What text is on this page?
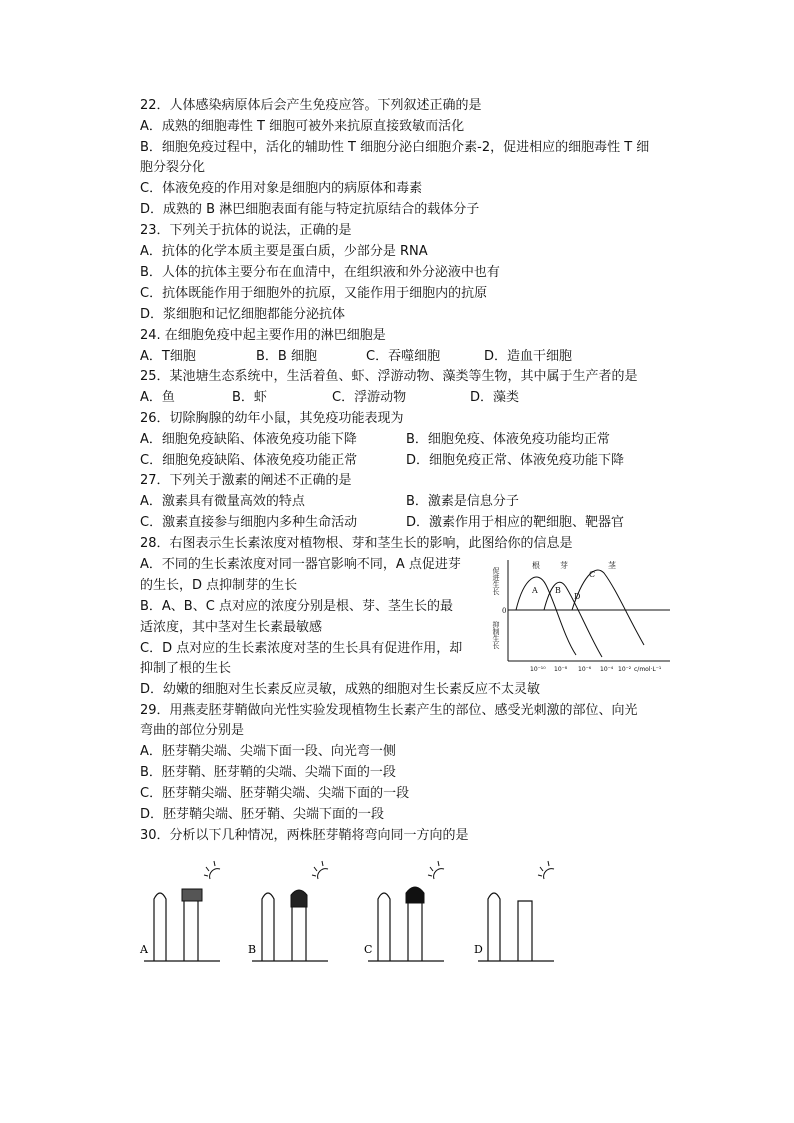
22．人体感染病原体后会产生免疫应答。下列叙述正确的是
A．成熟的细胞毒性 T 细胞可被外来抗原直接致敏而活化
B．细胞免疫过程中，活化的辅助性 T 细胞分泌白细胞介素-2，促进相应的细胞毒性 T 细
胞分裂分化
C．体液免疫的作用对象是细胞内的病原体和毒素
D．成熟的 B 淋巴细胞表面有能与特定抗原结合的载体分子
23．下列关于抗体的说法，正确的是
A．抗体的化学本质主要是蛋白质，少部分是 RNA
B．人体的抗体主要分布在血清中，在组织液和外分泌液中也有
C．抗体既能作用于细胞外的抗原，又能作用于细胞内的抗原
D．浆细胞和记忆细胞都能分泌抗体
24. 在细胞免疫中起主要作用的淋巴细胞是
A．T细胞	B．B 细胞	C．吞噬细胞	D．造血干细胞
25．某池塘生态系统中，生活着鱼、虾、浮游动物、藻类等生物，其中属于生产者的是
A．鱼	B．虾	C．浮游动物	D．藻类
26．切除胸腺的幼年小鼠，其免疫功能表现为
A．细胞免疫缺陷、体液免疫功能下降	B．细胞免疫、体液免疫功能均正常
C．细胞免疫缺陷、体液免疫功能正常	D．细胞免疫正常、体液免疫功能下降
27．下列关于激素的阐述不正确的是
A．激素具有微量高效的特点	B．激素是信息分子
C．激素直接参与细胞内多种生命活动	D．激素作用于相应的靶细胞、靶器官
28．右图表示生长素浓度对植物根、芽和茎生长的影响，此图给你的信息是
A．不同的生长素浓度对同一器官影响不同，A 点促进芽
的生长，D 点抑制芽的生长
B．A、B、C 点对应的浓度分别是根、芽、茎生长的最
适浓度，其中茎对生长素最敏感
C．D 点对应的生长素浓度对茎的生长具有促进作用，却
抑制了根的生长
D．幼嫩的细胞对生长素反应灵敏，成熟的细胞对生长素反应不太灵敏
促进生长
0
抑制生长
根	芽	茎
A B
C
D
10⁻¹⁰ 10⁻⁸ 10⁻⁶ 10⁻⁴ 10⁻² c/mol·L⁻¹
29．用燕麦胚芽鞘做向光性实验发现植物生长素产生的部位、感受光刺激的部位、向光
弯曲的部位分别是
A．胚芽鞘尖端、尖端下面一段、向光弯一侧
B．胚芽鞘、胚芽鞘的尖端、尖端下面的一段
C．胚芽鞘尖端、胚芽鞘尖端、尖端下面的一段
D．胚芽鞘尖端、胚牙鞘、尖端下面的一段
30．分析以下几种情况，两株胚芽鞘将弯向同一方向的是
A	B	C	D
